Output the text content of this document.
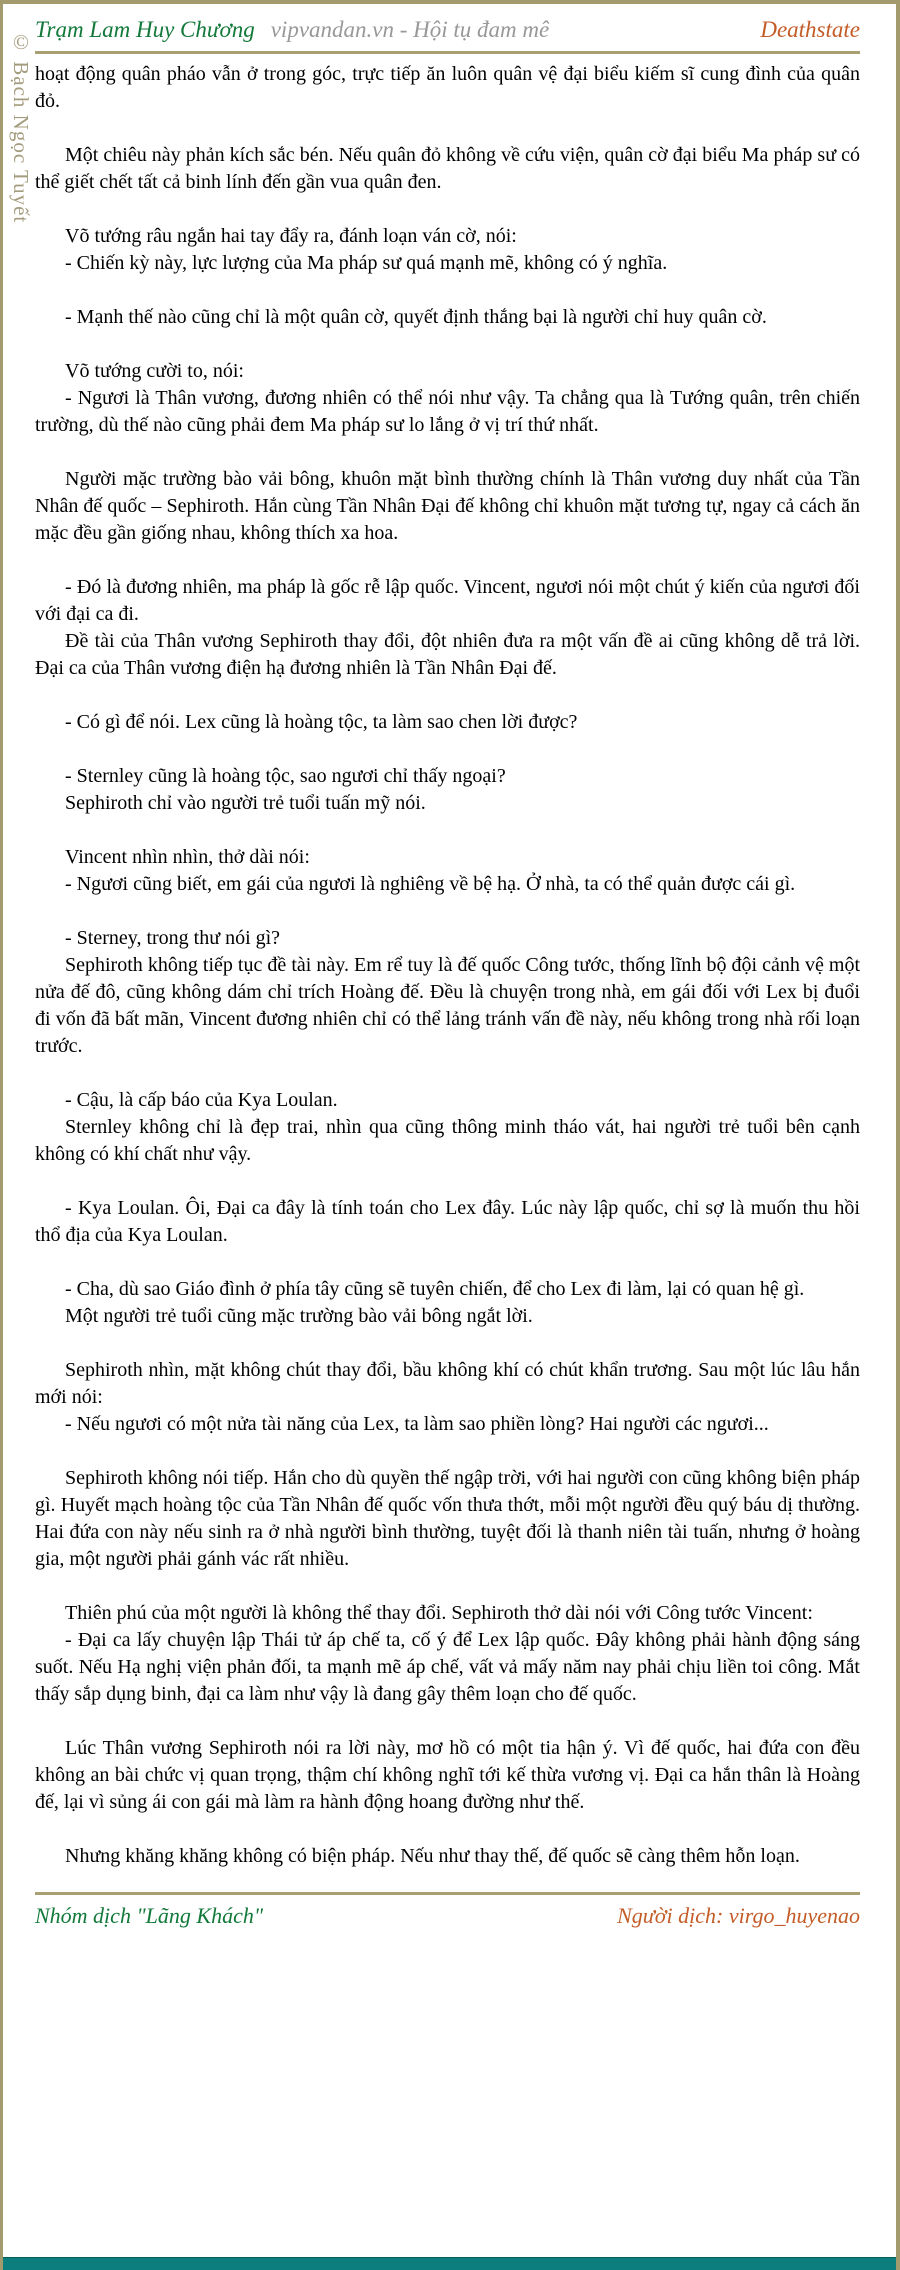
© Bạch Ngọc Tuyết
Trạm Lam Huy Chương vipvandan.vn - Hội tụ đam mê	Deathstate

hoạt động quân pháo vẫn ở trong góc, trực tiếp ăn luôn quân vệ đại biểu kiếm sĩ cung đình của quân đỏ.

Một chiêu này phản kích sắc bén. Nếu quân đỏ không về cứu viện, quân cờ đại biểu Ma pháp sư có thể giết chết tất cả binh lính đến gần vua quân đen.

Võ tướng râu ngắn hai tay đẩy ra, đánh loạn ván cờ, nói:

- Chiến kỳ này, lực lượng của Ma pháp sư quá mạnh mẽ, không có ý nghĩa.

- Mạnh thế nào cũng chỉ là một quân cờ, quyết định thắng bại là người chỉ huy quân cờ.

Võ tướng cười to, nói:

- Ngươi là Thân vương, đương nhiên có thể nói như vậy. Ta chẳng qua là Tướng quân, trên chiến trường, dù thế nào cũng phải đem Ma pháp sư lo lắng ở vị trí thứ nhất.

Người mặc trường bào vải bông, khuôn mặt bình thường chính là Thân vương duy nhất của Tần Nhân đế quốc – Sephiroth. Hắn cùng Tần Nhân Đại đế không chỉ khuôn mặt tương tự, ngay cả cách ăn mặc đều gần giống nhau, không thích xa hoa.

- Đó là đương nhiên, ma pháp là gốc rễ lập quốc. Vincent, ngươi nói một chút ý kiến của ngươi đối với đại ca đi.

Đề tài của Thân vương Sephiroth thay đổi, đột nhiên đưa ra một vấn đề ai cũng không dễ trả lời. Đại ca của Thân vương điện hạ đương nhiên là Tần Nhân Đại đế.

- Có gì để nói. Lex cũng là hoàng tộc, ta làm sao chen lời được?

- Sternley cũng là hoàng tộc, sao ngươi chỉ thấy ngoại?

Sephiroth chỉ vào người trẻ tuổi tuấn mỹ nói.

Vincent nhìn nhìn, thở dài nói:

- Ngươi cũng biết, em gái của ngươi là nghiêng về bệ hạ. Ở nhà, ta có thể quản được cái gì.

- Sterney, trong thư nói gì?

Sephiroth không tiếp tục đề tài này. Em rể tuy là đế quốc Công tước, thống lĩnh bộ đội cảnh vệ một nửa đế đô, cũng không dám chỉ trích Hoàng đế. Đều là chuyện trong nhà, em gái đối với Lex bị đuổi đi vốn đã bất mãn, Vincent đương nhiên chỉ có thể lảng tránh vấn đề này, nếu không trong nhà rối loạn trước.

- Cậu, là cấp báo của Kya Loulan.

Sternley không chỉ là đẹp trai, nhìn qua cũng thông minh tháo vát, hai người trẻ tuổi bên cạnh không có khí chất như vậy.

- Kya Loulan. Ôi, Đại ca đây là tính toán cho Lex đây. Lúc này lập quốc, chỉ sợ là muốn thu hồi thổ địa của Kya Loulan.

- Cha, dù sao Giáo đình ở phía tây cũng sẽ tuyên chiến, để cho Lex đi làm, lại có quan hệ gì.

Một người trẻ tuổi cũng mặc trường bào vải bông ngắt lời.

Sephiroth nhìn, mặt không chút thay đổi, bầu không khí có chút khẩn trương. Sau một lúc lâu hắn mới nói:

- Nếu ngươi có một nửa tài năng của Lex, ta làm sao phiền lòng? Hai người các ngươi...

Sephiroth không nói tiếp. Hắn cho dù quyền thế ngập trời, với hai người con cũng không biện pháp gì. Huyết mạch hoàng tộc của Tần Nhân đế quốc vốn thưa thớt, mỗi một người đều quý báu dị thường. Hai đứa con này nếu sinh ra ở nhà người bình thường, tuyệt đối là thanh niên tài tuấn, nhưng ở hoàng gia, một người phải gánh vác rất nhiều.

Thiên phú của một người là không thể thay đổi. Sephiroth thở dài nói với Công tước Vincent:

- Đại ca lấy chuyện lập Thái tử áp chế ta, cố ý để Lex lập quốc. Đây không phải hành động sáng suốt. Nếu Hạ nghị viện phản đối, ta mạnh mẽ áp chế, vất vả mấy năm nay phải chịu liền toi công. Mắt thấy sắp dụng binh, đại ca làm như vậy là đang gây thêm loạn cho đế quốc.

Lúc Thân vương Sephiroth nói ra lời này, mơ hồ có một tia hận ý. Vì đế quốc, hai đứa con đều không an bài chức vị quan trọng, thậm chí không nghĩ tới kế thừa vương vị. Đại ca hắn thân là Hoàng đế, lại vì sủng ái con gái mà làm ra hành động hoang đường như thế.

Nhưng khăng khăng không có biện pháp. Nếu như thay thế, đế quốc sẽ càng thêm hỗn loạn.

Nhóm dịch "Lãng Khách"	Người dịch: virgo_huyenao
